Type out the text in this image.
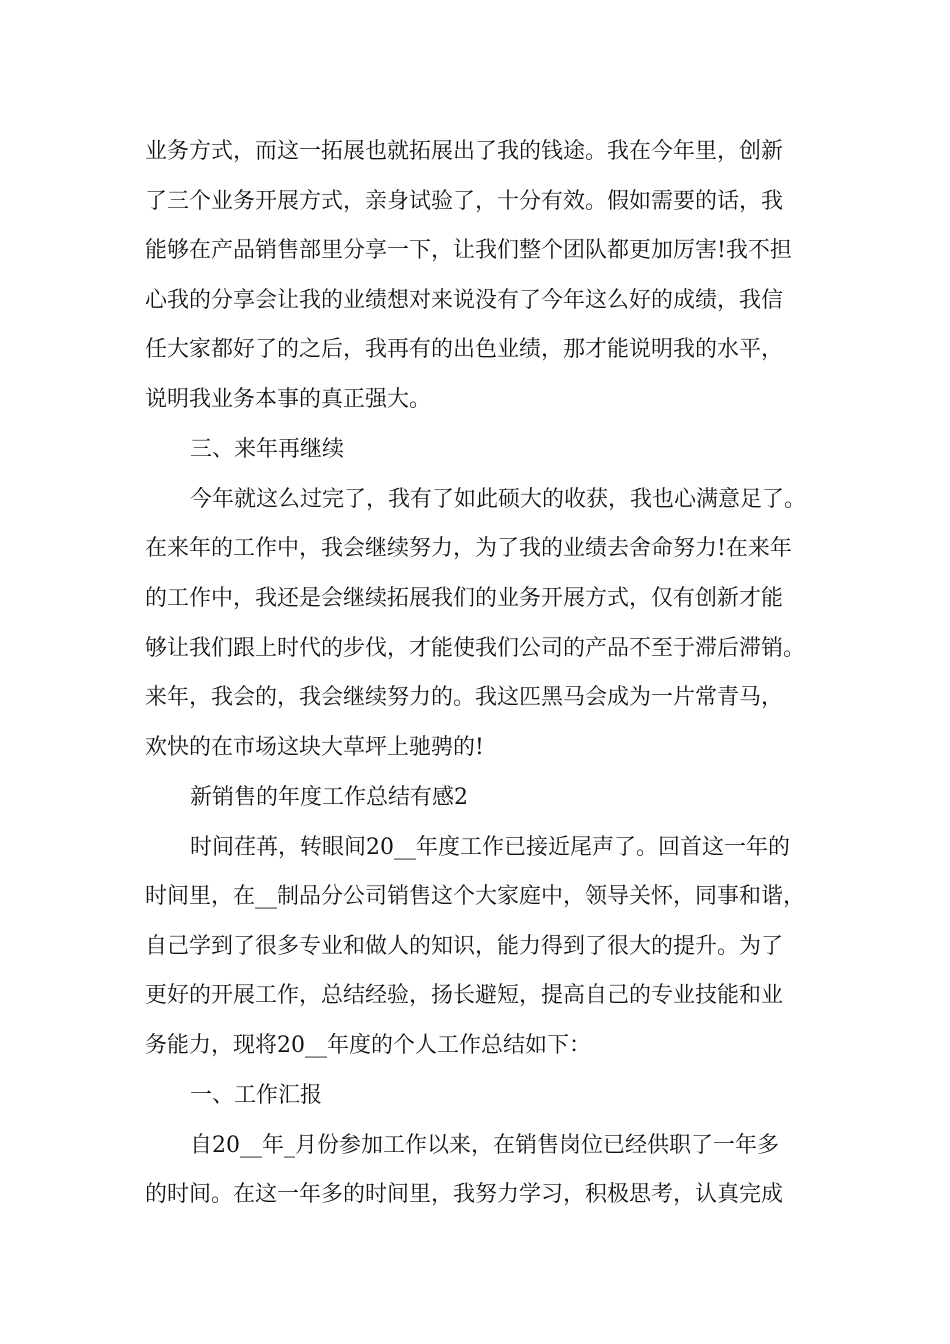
业务方式，而这一拓展也就拓展出了我的钱途。我在今年里，创新
了三个业务开展方式，亲身试验了，十分有效。假如需要的话，我
能够在产品销售部里分享一下，让我们整个团队都更加厉害!我不担
心我的分享会让我的业绩想对来说没有了今年这么好的成绩，我信
任大家都好了的之后，我再有的出色业绩，那才能说明我的水平，
说明我业务本事的真正强大。
三、来年再继续
今年就这么过完了，我有了如此硕大的收获，我也心满意足了。
在来年的工作中，我会继续努力，为了我的业绩去舍命努力!在来年
的工作中，我还是会继续拓展我们的业务开展方式，仅有创新才能
够让我们跟上时代的步伐，才能使我们公司的产品不至于滞后滞销。
来年，我会的，我会继续努力的。我这匹黑马会成为一片常青马，
欢快的在市场这块大草坪上驰骋的!
新销售的年度工作总结有感2
时间荏苒，转眼间20__年度工作已接近尾声了。回首这一年的
时间里，在__制品分公司销售这个大家庭中，领导关怀，同事和谐，
自己学到了很多专业和做人的知识，能力得到了很大的提升。为了
更好的开展工作，总结经验，扬长避短，提高自己的专业技能和业
务能力，现将20__年度的个人工作总结如下：
一、工作汇报
自20__年_月份参加工作以来，在销售岗位已经供职了一年多
的时间。在这一年多的时间里，我努力学习，积极思考，认真完成
